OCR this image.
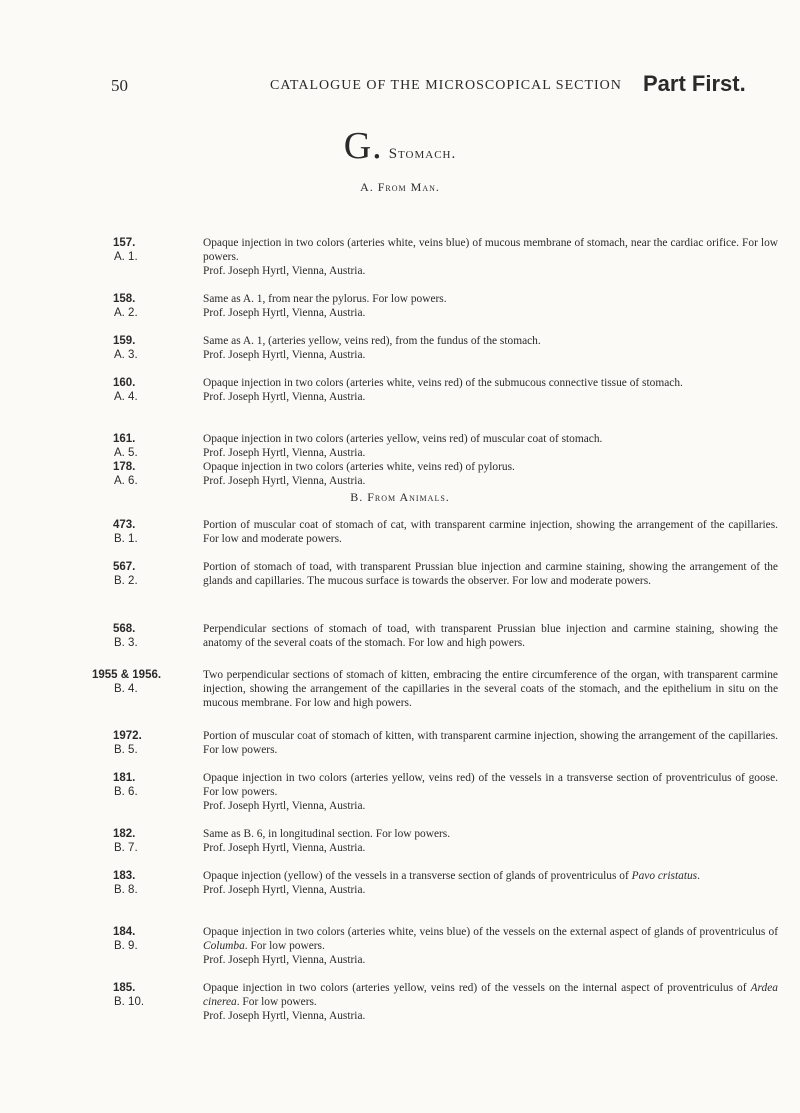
50	CATALOGUE OF THE MICROSCOPICAL SECTION Part First.
G. Stomach.
A. From Man.
B. From Animals.
157.
A. 1.

Opaque injection in two colors (arteries white, veins blue) of mucous membrane of stomach, near the cardiac orifice. For low powers.

Prof. Joseph Hyrtl, Vienna, Austria.

158.
A. 2.

Same as A. 1, from near the pylorus. For low powers.

Prof. Joseph Hyrtl, Vienna, Austria.

159.
A. 3.

Same as A. 1, (arteries yellow, veins red), from the fundus of the stomach.

Prof. Joseph Hyrtl, Vienna, Austria.

160.
A. 4.

Opaque injection in two colors (arteries white, veins red) of the submucous connective tissue of stomach.

Prof. Joseph Hyrtl, Vienna, Austria.

161.
A. 5.

Opaque injection in two colors (arteries yellow, veins red) of muscular coat of stomach.

Prof. Joseph Hyrtl, Vienna, Austria.

178.
A. 6.

Opaque injection in two colors (arteries white, veins red) of pylorus.

Prof. Joseph Hyrtl, Vienna, Austria.

473.
B. 1.

Portion of muscular coat of stomach of cat, with transparent carmine injection, showing the arrangement of the capillaries. For low and moderate powers.

567.
B. 2.

Portion of stomach of toad, with transparent Prussian blue injection and carmine staining, showing the arrangement of the glands and capillaries. The mucous surface is towards the observer. For low and moderate powers.

568.
B. 3.

Perpendicular sections of stomach of toad, with transparent Prussian blue injection and carmine staining, showing the anatomy of the several coats of the stomach. For low and high powers.

1955 & 1956.
B. 4.

Two perpendicular sections of stomach of kitten, embracing the entire circumference of the organ, with transparent carmine injection, showing the arrangement of the capillaries in the several coats of the stomach, and the epithelium in situ on the mucous membrane. For low and high powers.

1972.
B. 5.

Portion of muscular coat of stomach of kitten, with transparent carmine injection, showing the arrangement of the capillaries. For low powers.

181.
B. 6.

Opaque injection in two colors (arteries yellow, veins red) of the vessels in a transverse section of proventriculus of goose. For low powers.

Prof. Joseph Hyrtl, Vienna, Austria.

182.
B. 7.

Same as B. 6, in longitudinal section. For low powers.

Prof. Joseph Hyrtl, Vienna, Austria.

183.
B. 8.

Opaque injection (yellow) of the vessels in a transverse section of glands of proventriculus of Pavo cristatus.

Prof. Joseph Hyrtl, Vienna, Austria.

184.
B. 9.

Opaque injection in two colors (arteries white, veins blue) of the vessels on the external aspect of glands of proventriculus of Columba. For low powers.

Prof. Joseph Hyrtl, Vienna, Austria.

185.
B. 10.

Opaque injection in two colors (arteries yellow, veins red) of the vessels on the internal aspect of proventriculus of Ardea cinerea. For low powers.

Prof. Joseph Hyrtl, Vienna, Austria.
